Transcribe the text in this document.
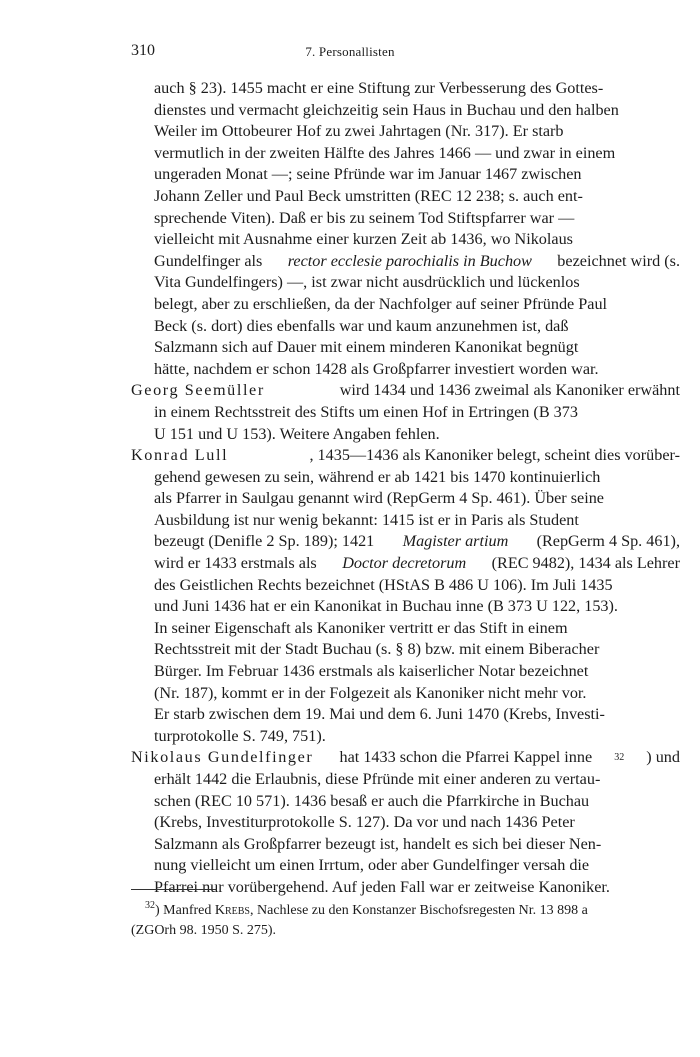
310	7. Personallisten
auch § 23). 1455 macht er eine Stiftung zur Verbesserung des Gottes-
dienstes und vermacht gleichzeitig sein Haus in Buchau und den halben
Weiler im Ottobeurer Hof zu zwei Jahrtagen (Nr. 317). Er starb
vermutlich in der zweiten Hälfte des Jahres 1466 — und zwar in einem
ungeraden Monat —; seine Pfründe war im Januar 1467 zwischen
Johann Zeller und Paul Beck umstritten (REC 12 238; s. auch ent-
sprechende Viten). Daß er bis zu seinem Tod Stiftspfarrer war —
vielleicht mit Ausnahme einer kurzen Zeit ab 1436, wo Nikolaus
Gundelfinger als rector ecclesie parochialis in Buchow bezeichnet wird (s.
Vita Gundelfingers) —, ist zwar nicht ausdrücklich und lückenlos
belegt, aber zu erschließen, da der Nachfolger auf seiner Pfründe Paul
Beck (s. dort) dies ebenfalls war und kaum anzunehmen ist, daß
Salzmann sich auf Dauer mit einem minderen Kanonikat begnügt
hätte, nachdem er schon 1428 als Großpfarrer investiert worden war.
Georg Seemüller	wird 1434 und 1436 zweimal als Kanoniker erwähnt
in einem Rechtsstreit des Stifts um einen Hof in Ertringen (B 373
U 151 und U 153). Weitere Angaben fehlen.
Konrad Lull	, 1435—1436 als Kanoniker belegt, scheint dies vorüber-
gehend gewesen zu sein, während er ab 1421 bis 1470 kontinuierlich
als Pfarrer in Saulgau genannt wird (RepGerm 4 Sp. 461). Über seine
Ausbildung ist nur wenig bekannt: 1415 ist er in Paris als Student
bezeugt (Denifle 2 Sp. 189); 1421 Magister artium (RepGerm 4 Sp. 461),
wird er 1433 erstmals als Doctor decretorum (REC 9482), 1434 als Lehrer
des Geistlichen Rechts bezeichnet (HStAS B 486 U 106). Im Juli 1435
und Juni 1436 hat er ein Kanonikat in Buchau inne (B 373 U 122, 153).
In seiner Eigenschaft als Kanoniker vertritt er das Stift in einem
Rechtsstreit mit der Stadt Buchau (s. § 8) bzw. mit einem Biberacher
Bürger. Im Februar 1436 erstmals als kaiserlicher Notar bezeichnet
(Nr. 187), kommt er in der Folgezeit als Kanoniker nicht mehr vor.
Er starb zwischen dem 19. Mai und dem 6. Juni 1470 (Krebs, Investi-
turprotokolle S. 749, 751).
Nikolaus Gundelfinger hat 1433 schon die Pfarrei Kappel inne 32 ) und
erhält 1442 die Erlaubnis, diese Pfründe mit einer anderen zu vertau-
schen (REC 10 571). 1436 besaß er auch die Pfarrkirche in Buchau
(Krebs, Investiturprotokolle S. 127). Da vor und nach 1436 Peter
Salzmann als Großpfarrer bezeugt ist, handelt es sich bei dieser Nen-
nung vielleicht um einen Irrtum, oder aber Gundelfinger versah die
Pfarrei nur vorübergehend. Auf jeden Fall war er zeitweise Kanoniker.
 $^{32}$) Manfred Krebs, Nachlese zu den Konstanzer Bischofsregesten Nr. 13 898 a
(ZGOrh 98. 1950 S. 275).
